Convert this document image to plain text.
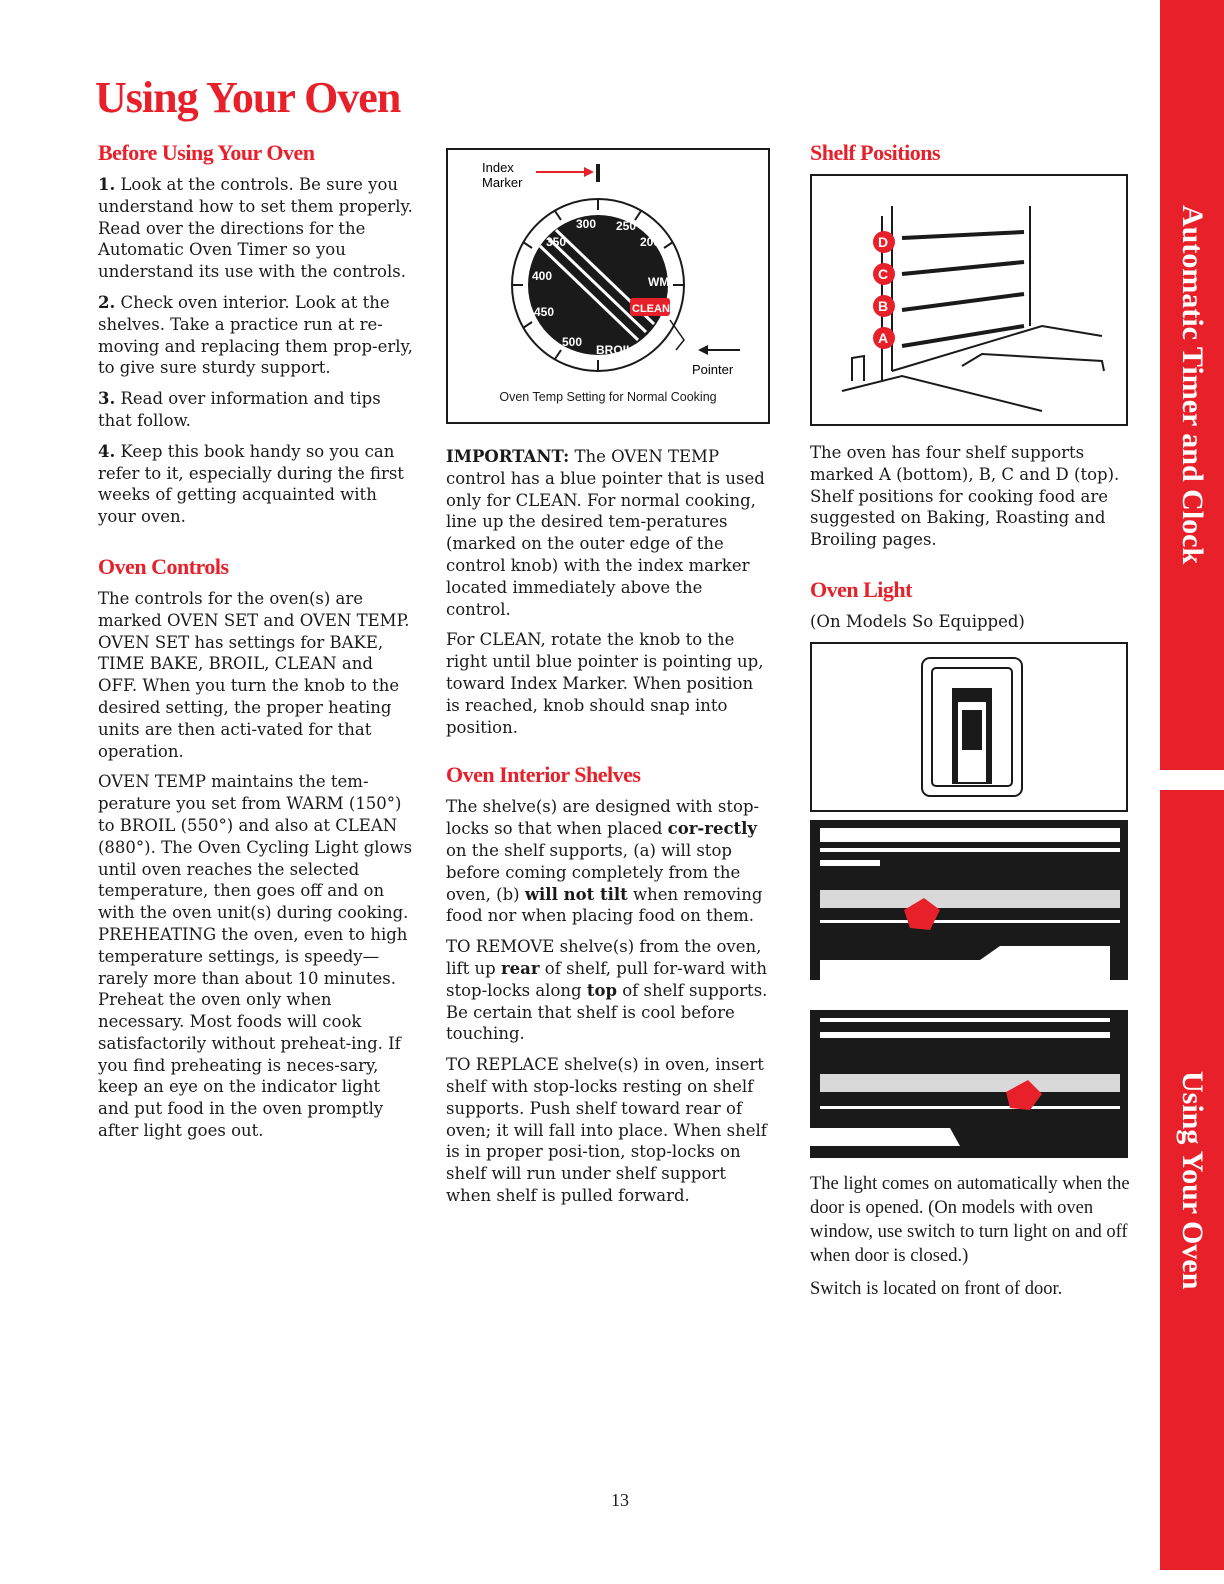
Using Your Oven
Before Using Your Oven

1. Look at the controls. Be sure you understand how to set them properly. Read over the directions for the Automatic Oven Timer so you understand its use with the controls.

2. Check oven interior. Look at the shelves. Take a practice run at re-moving and replacing them prop-erly, to give sure sturdy support.

3. Read over information and tips that follow.

4. Keep this book handy so you can refer to it, especially during the first weeks of getting acquainted with your oven.

Oven Controls

The controls for the oven(s) are marked OVEN SET and OVEN TEMP. OVEN SET has settings for BAKE, TIME BAKE, BROIL, CLEAN and OFF. When you turn the knob to the desired setting, the proper heating units are then acti-vated for that operation.

OVEN TEMP maintains the tem-perature you set from WARM (150°) to BROIL (550°) and also at CLEAN (880°). The Oven Cycling Light glows until oven reaches the selected temperature, then goes off and on with the oven unit(s) during cooking. PREHEATING the oven, even to high temperature settings, is speedy—rarely more than about 10 minutes. Preheat the oven only when necessary. Most foods will cook satisfactorily without preheat-ing. If you find preheating is neces-sary, keep an eye on the indicator light and put food in the oven promptly after light goes out.

Index
Marker
250
300
350
400
450
500
BROIL
200
WM
CLEAN
Pointer
Oven Temp Setting for Normal Cooking

IMPORTANT: The OVEN TEMP control has a blue pointer that is used only for CLEAN. For normal cooking, line up the desired tem-peratures (marked on the outer edge of the control knob) with the index marker located immediately above the control.

For CLEAN, rotate the knob to the right until blue pointer is pointing up, toward Index Marker. When position is reached, knob should snap into position.

Oven Interior Shelves

The shelve(s) are designed with stop-locks so that when placed cor-rectly on the shelf supports, (a) will stop before coming completely from the oven, (b) will not tilt when removing food nor when placing food on them.

TO REMOVE shelve(s) from the oven, lift up rear of shelf, pull for-ward with stop-locks along top of shelf supports. Be certain that shelf is cool before touching.

TO REPLACE shelve(s) in oven, insert shelf with stop-locks resting on shelf supports. Push shelf toward rear of oven; it will fall into place. When shelf is in proper posi-tion, stop-locks on shelf will run under shelf support when shelf is pulled forward.

Shelf Positions
D
C
B
A

The oven has four shelf supports marked A (bottom), B, C and D (top). Shelf positions for cooking food are suggested on Baking, Roasting and Broiling pages.

Oven Light

(On Models So Equipped)

The light comes on automatically when the door is opened. (On models with oven window, use switch to turn light on and off when door is closed.)

Switch is located on front of door.

Automatic Timer and Clock
Using Your Oven
13
